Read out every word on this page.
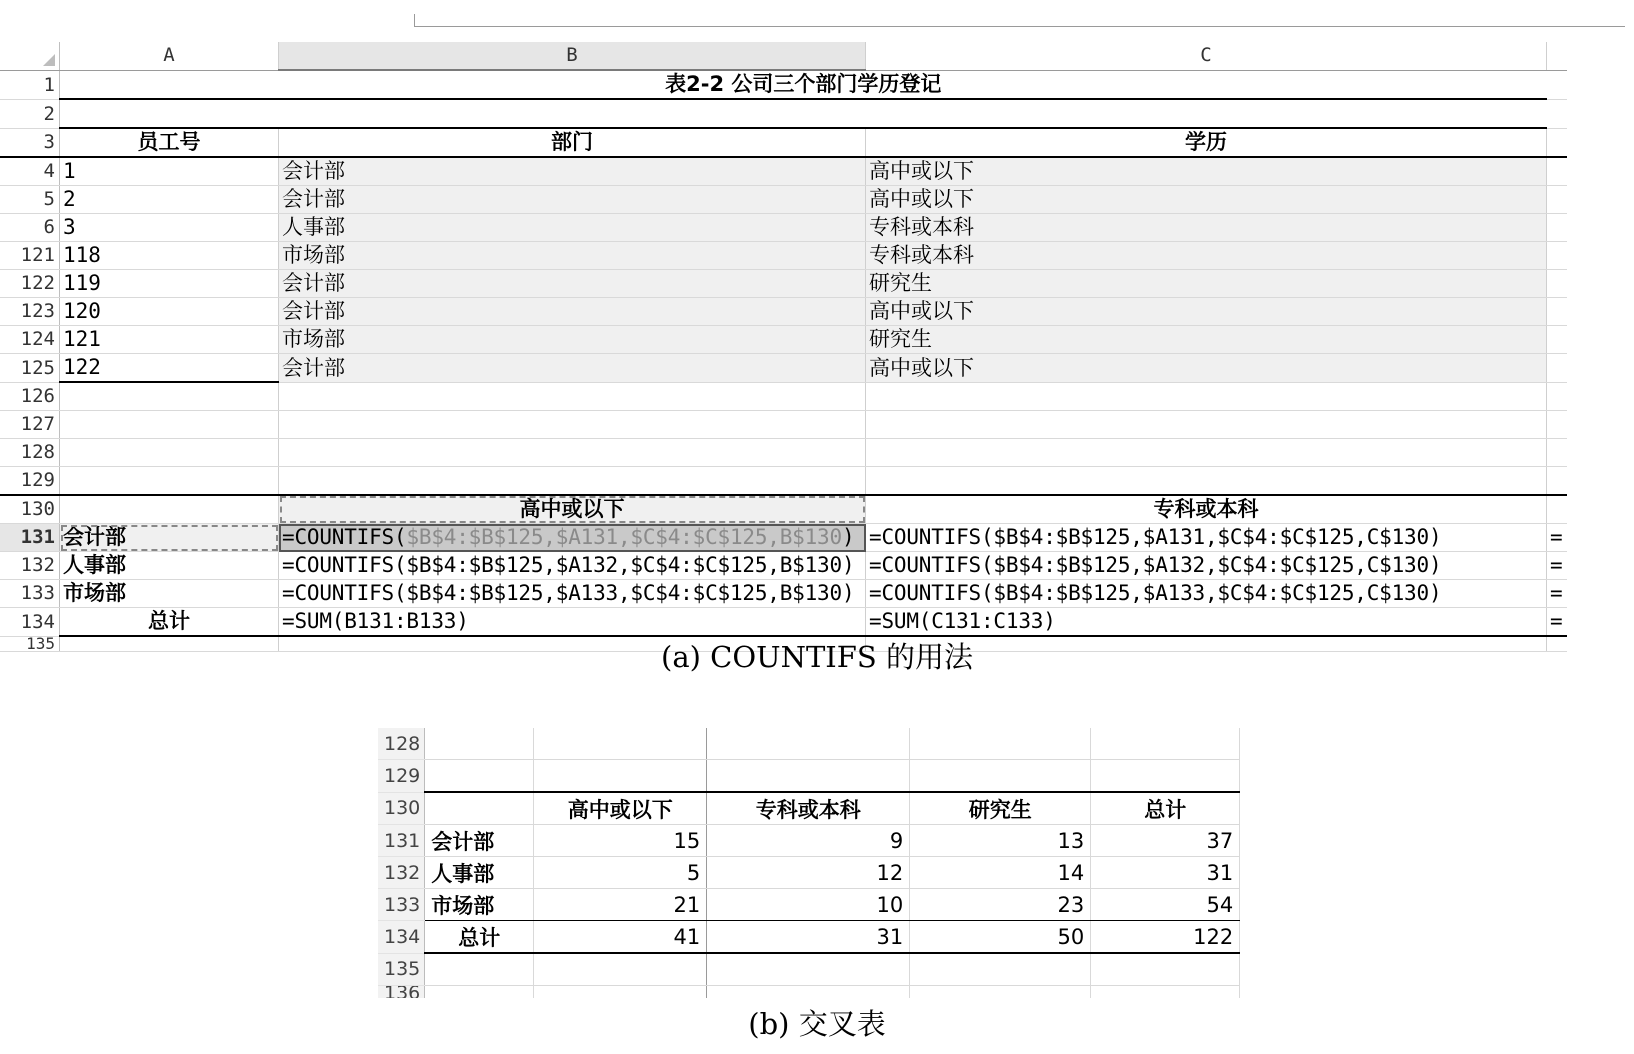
	A	B	C	
1	表2-2 公司三个部门学历登记			
2				
3	员工号	部门	学历	
4	1	会计部	高中或以下	
5	2	会计部	高中或以下	
6	3	人事部	专科或本科	
121	118	市场部	专科或本科	
122	119	会计部	研究生	
123	120	会计部	高中或以下	
124	121	市场部	研究生	
125	122	会计部	高中或以下	
126				
127				
128				
129				
130		高中或以下	专科或本科	
131	会计部	=COUNTIFS($B$4:$B$125,$A131,$C$4:$C$125,B$130)	=COUNTIFS($B$4:$B$125,$A131,$C$4:$C$125,C$130)	=
132	人事部	=COUNTIFS($B$4:$B$125,$A132,$C$4:$C$125,B$130)	=COUNTIFS($B$4:$B$125,$A132,$C$4:$C$125,C$130)	=
133	市场部	=COUNTIFS($B$4:$B$125,$A133,$C$4:$C$125,B$130)	=COUNTIFS($B$4:$B$125,$A133,$C$4:$C$125,C$130)	=
134	总计	=SUM(B131:B133)	=SUM(C131:C133)	=
135					(a) COUNTIFS 的用法
128					
129					
130		高中或以下	专科或本科	研究生	总计
131	会计部	15	9	13	37
132	人事部	5	12	14	31
133	市场部	21	10	23	54
134	总计	41	31	50	122
135					
136					
(b) 交叉表
